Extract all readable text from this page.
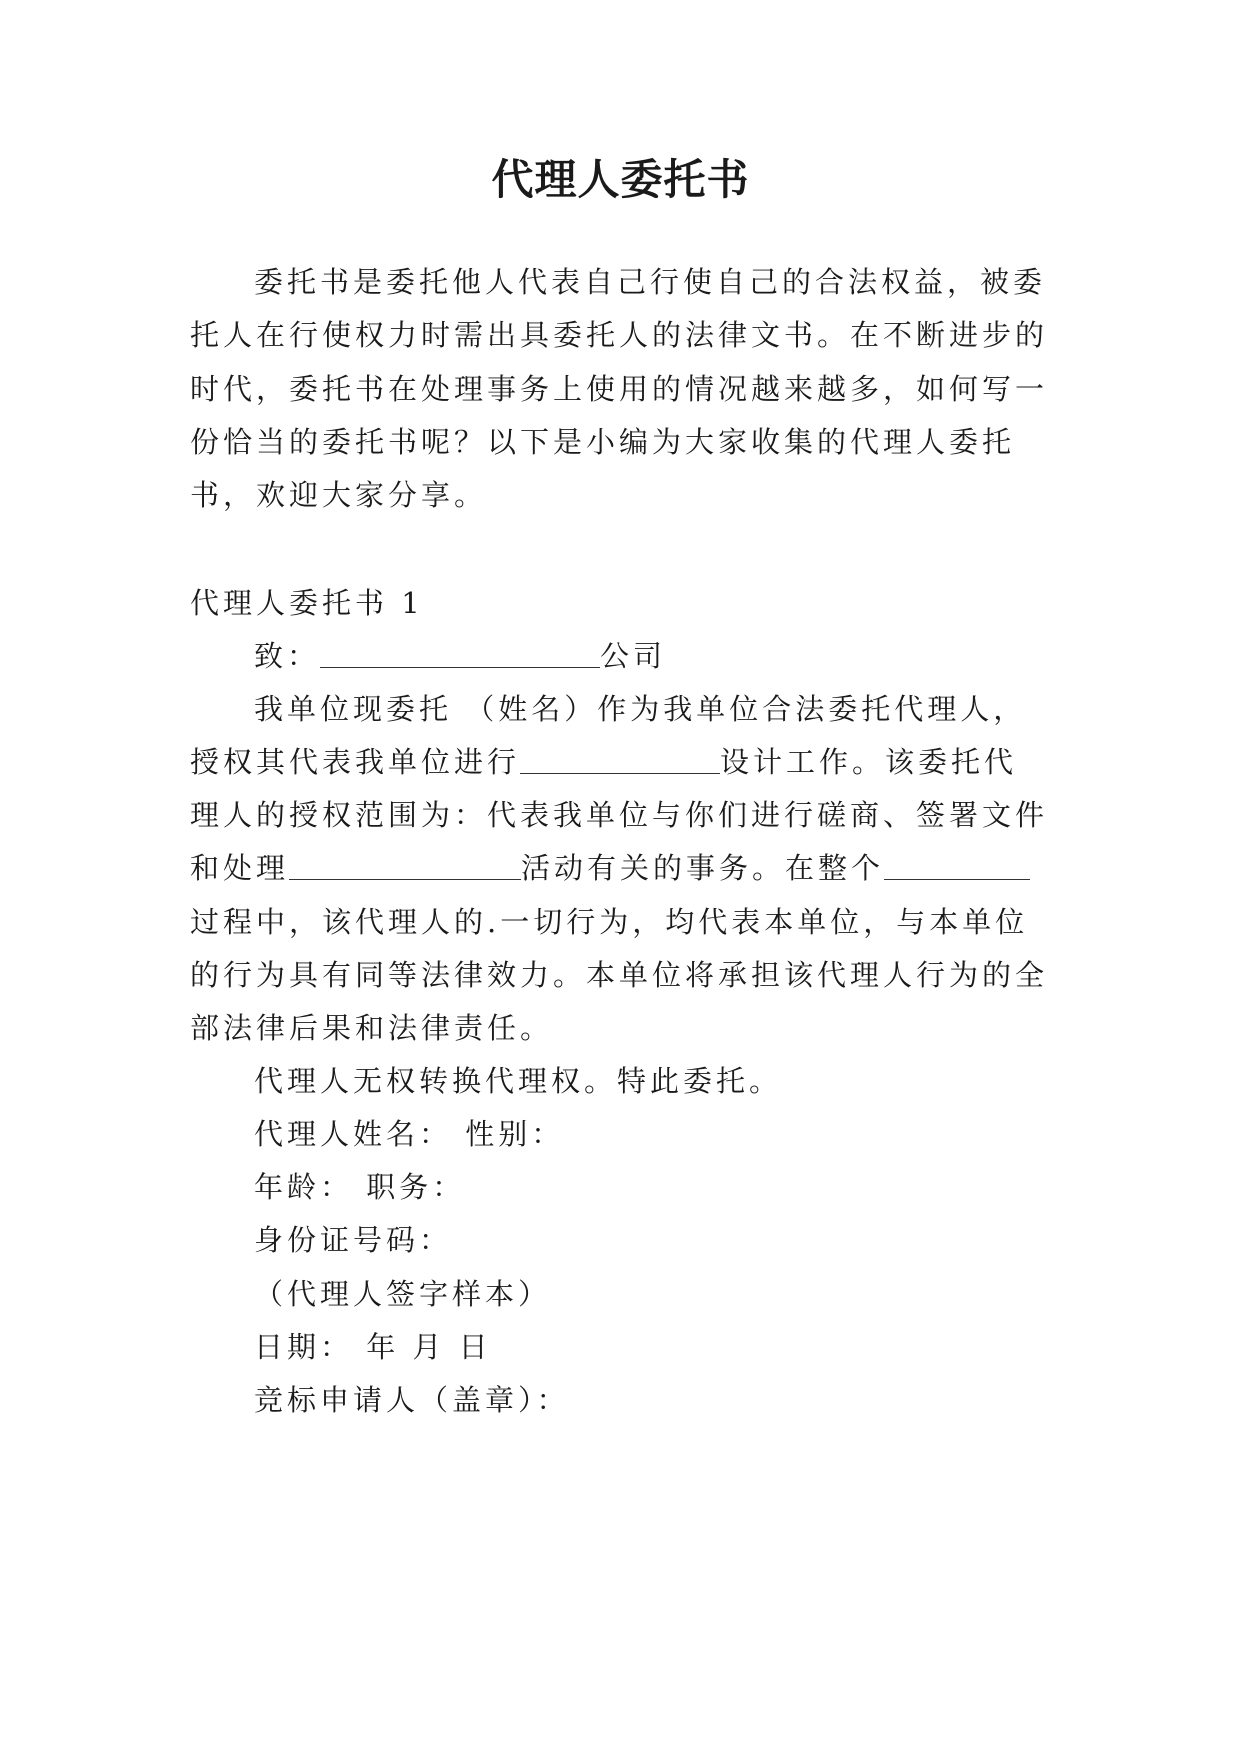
代理人委托书
委托书是委托他人代表自己行使自己的合法权益，被委
托人在行使权力时需出具委托人的法律文书。在不断进步的
时代，委托书在处理事务上使用的情况越来越多，如何写一
份恰当的委托书呢？以下是小编为大家收集的代理人委托
书，欢迎大家分享。
代理人委托书 1
致：	公司
我单位现委托 （姓名）作为我单位合法委托代理人，
授权其代表我单位进行	设计工作。该委托代
理人的授权范围为：代表我单位与你们进行磋商、签署文件
和处理	活动有关的事务。在整个
过程中，该代理人的.一切行为，均代表本单位，与本单位
的行为具有同等法律效力。本单位将承担该代理人行为的全
部法律后果和法律责任。
代理人无权转换代理权。特此委托。
代理人姓名： 性别：
年龄： 职务：
身份证号码：
（代理人签字样本）
日期： 年 月 日
竞标申请人（盖章）：
